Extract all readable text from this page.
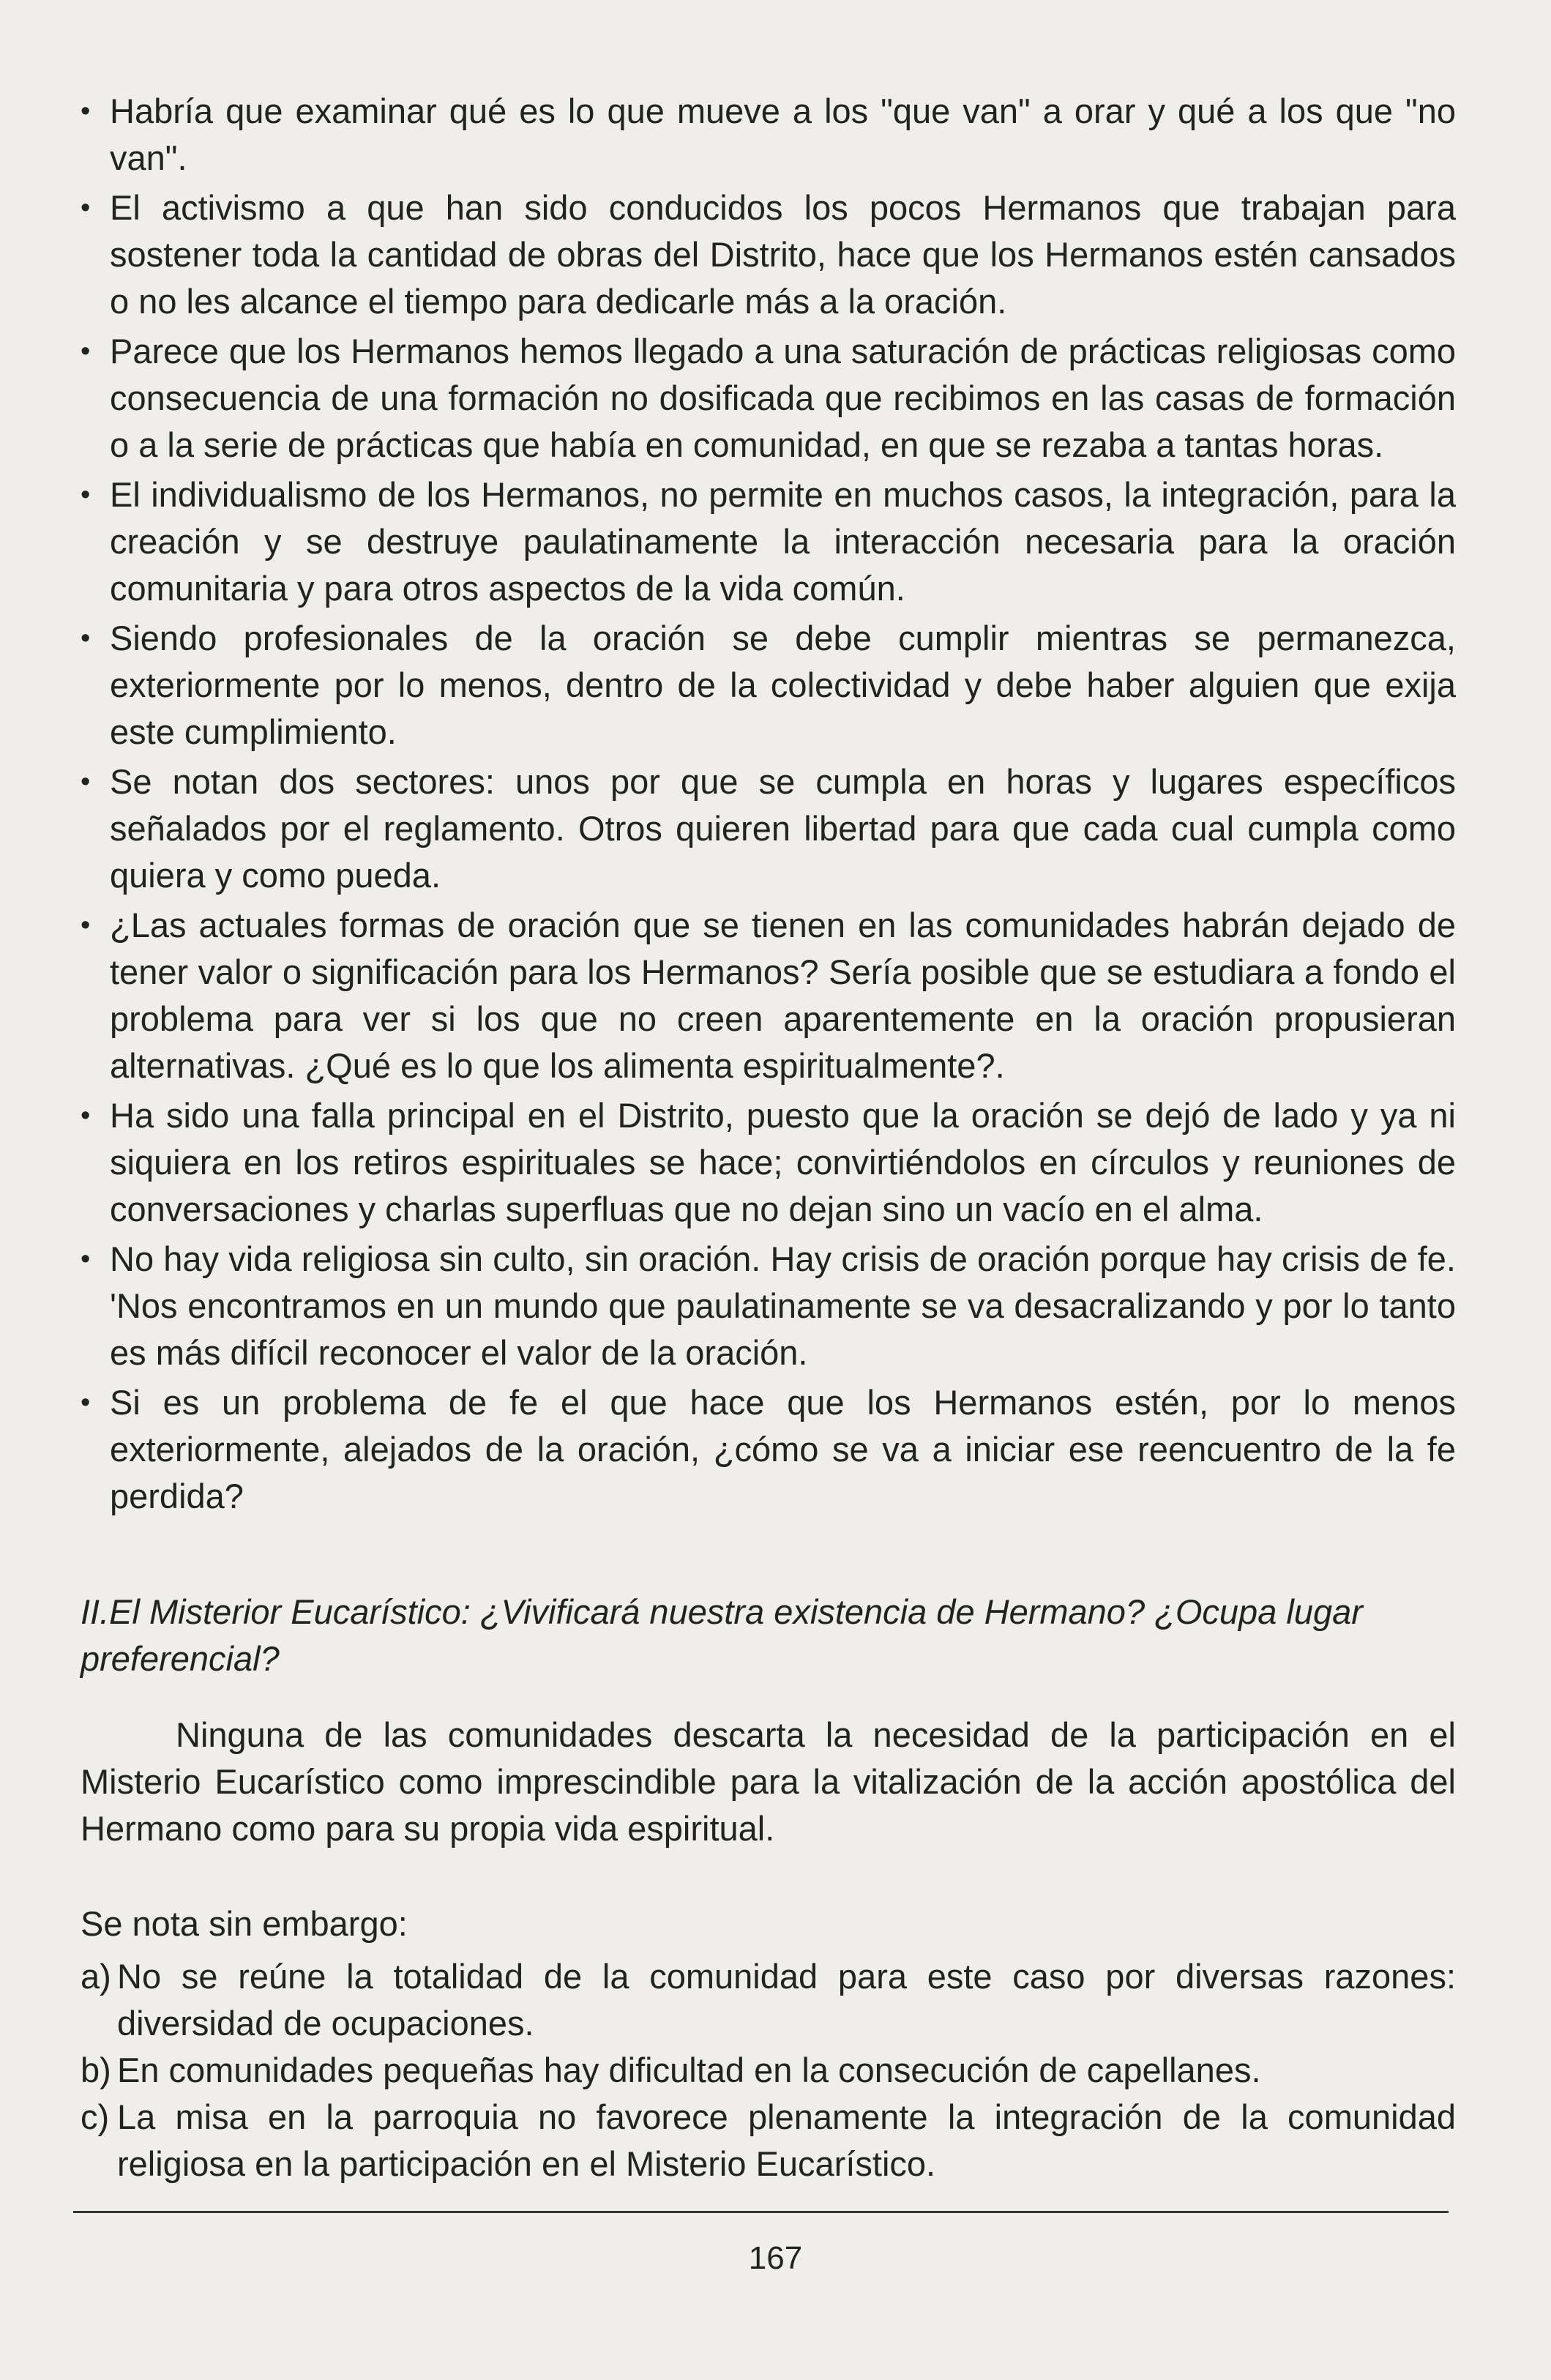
• Habría que examinar qué es lo que mueve a los "que van" a orar y qué a los que "no van".
• El activismo a que han sido conducidos los pocos Hermanos que trabajan para sostener toda la cantidad de obras del Distrito, hace que los Hermanos estén cansados o no les alcance el tiempo para dedicarle más a la oración.
• Parece que los Hermanos hemos llegado a una saturación de prácticas religiosas como consecuencia de una formación no dosificada que recibimos en las casas de formación o a la serie de prácticas que había en comunidad, en que se rezaba a tantas horas.
• El individualismo de los Hermanos, no permite en muchos casos, la integración, para la creación y se destruye paulatinamente la interacción necesaria para la oración comunitaria y para otros aspectos de la vida común.
• Siendo profesionales de la oración se debe cumplir mientras se permanezca, exteriormente por lo menos, dentro de la colectividad y debe haber alguien que exija este cumplimiento.
• Se notan dos sectores: unos por que se cumpla en horas y lugares específicos señalados por el reglamento. Otros quieren libertad para que cada cual cumpla como quiera y como pueda.
• ¿Las actuales formas de oración que se tienen en las comunidades habrán dejado de tener valor o significación para los Hermanos? Sería posible que se estudiara a fondo el problema para ver si los que no creen aparentemente en la oración propusieran alternativas. ¿Qué es lo que los alimenta espiritualmente?.
• Ha sido una falla principal en el Distrito, puesto que la oración se dejó de lado y ya ni siquiera en los retiros espirituales se hace; convirtiéndolos en círculos y reuniones de conversaciones y charlas superfluas que no dejan sino un vacío en el alma.
• No hay vida religiosa sin culto, sin oración. Hay crisis de oración porque hay crisis de fe. 'Nos encontramos en un mundo que paulatinamente se va desacralizando y por lo tanto es más difícil reconocer el valor de la oración.
• Si es un problema de fe el que hace que los Hermanos estén, por lo menos exteriormente, alejados de la oración, ¿cómo se va a iniciar ese reencuentro de la fe perdida?
II.El Misterior Eucarístico: ¿Vivificará nuestra existencia de Hermano? ¿Ocupa lugar preferencial?

Ninguna de las comunidades descarta la necesidad de la participación en el Misterio Eucarístico como imprescindible para la vitalización de la acción apostólica del Hermano como para su propia vida espiritual.

Se nota sin embargo:

a) No se reúne la totalidad de la comunidad para este caso por diversas razones: diversidad de ocupaciones.
b) En comunidades pequeñas hay dificultad en la consecución de capellanes.
c) La misa en la parroquia no favorece plenamente la integración de la comunidad religiosa en la participación en el Misterio Eucarístico.
167
